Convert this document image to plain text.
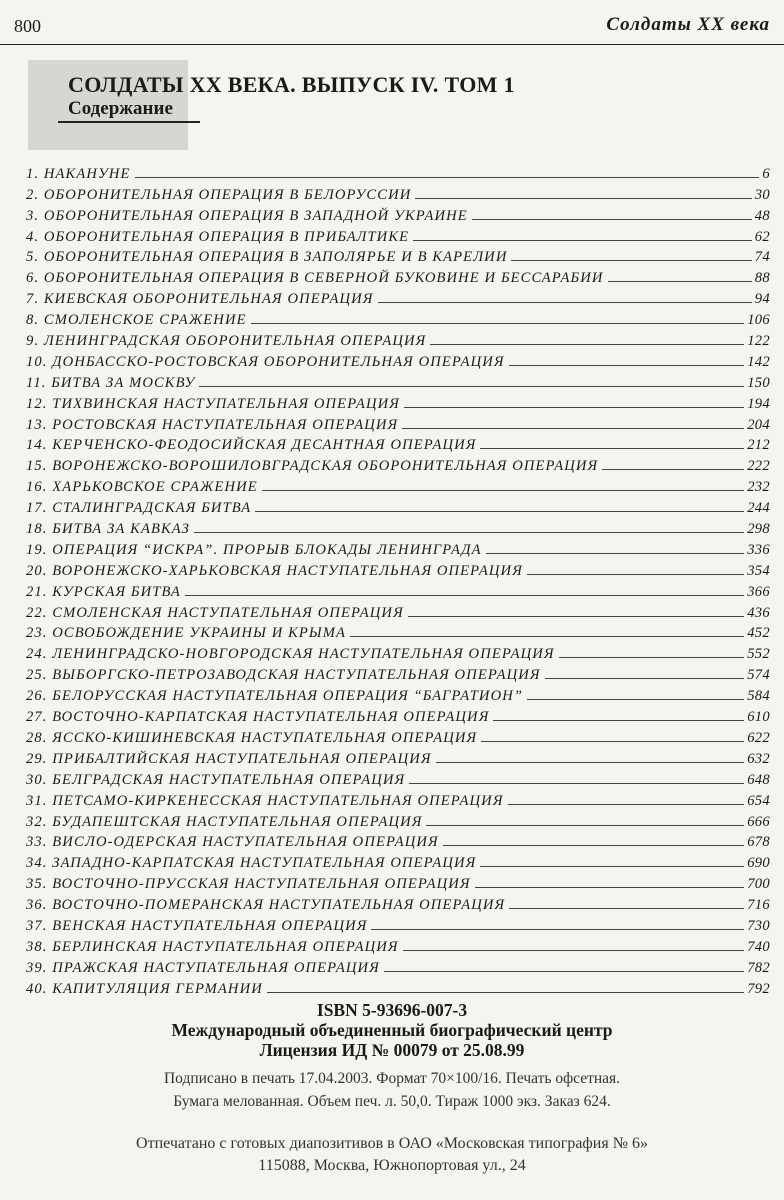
800	Солдаты XX века
СОЛДАТЫ XX ВЕКА. ВЫПУСК IV. ТОМ 1
Содержание
1. НАКАНУНЕ	6
2. ОБОРОНИТЕЛЬНАЯ ОПЕРАЦИЯ В БЕЛОРУССИИ	30
3. ОБОРОНИТЕЛЬНАЯ ОПЕРАЦИЯ В ЗАПАДНОЙ УКРАИНЕ	48
4. ОБОРОНИТЕЛЬНАЯ ОПЕРАЦИЯ В ПРИБАЛТИКЕ	62
5. ОБОРОНИТЕЛЬНАЯ ОПЕРАЦИЯ В ЗАПОЛЯРЬЕ И В КАРЕЛИИ	74
6. ОБОРОНИТЕЛЬНАЯ ОПЕРАЦИЯ В СЕВЕРНОЙ БУКОВИНЕ И БЕССАРАБИИ	88
7. КИЕВСКАЯ ОБОРОНИТЕЛЬНАЯ ОПЕРАЦИЯ	94
8. СМОЛЕНСКОЕ СРАЖЕНИЕ	106
9. ЛЕНИНГРАДСКАЯ ОБОРОНИТЕЛЬНАЯ ОПЕРАЦИЯ	122
10. ДОНБАССКО-РОСТОВСКАЯ ОБОРОНИТЕЛЬНАЯ ОПЕРАЦИЯ	142
11. БИТВА ЗА МОСКВУ	150
12. ТИХВИНСКАЯ НАСТУПАТЕЛЬНАЯ ОПЕРАЦИЯ	194
13. РОСТОВСКАЯ НАСТУПАТЕЛЬНАЯ ОПЕРАЦИЯ	204
14. КЕРЧЕНСКО-ФЕОДОСИЙСКАЯ ДЕСАНТНАЯ ОПЕРАЦИЯ	212
15. ВОРОНЕЖСКО-ВОРОШИЛОВГРАДСКАЯ ОБОРОНИТЕЛЬНАЯ ОПЕРАЦИЯ	222
16. ХАРЬКОВСКОЕ СРАЖЕНИЕ	232
17. СТАЛИНГРАДСКАЯ БИТВА	244
18. БИТВА ЗА КАВКАЗ	298
19. ОПЕРАЦИЯ “ИСКРА”. ПРОРЫВ БЛОКАДЫ ЛЕНИНГРАДА	336
20. ВОРОНЕЖСКО-ХАРЬКОВСКАЯ НАСТУПАТЕЛЬНАЯ ОПЕРАЦИЯ	354
21. КУРСКАЯ БИТВА	366
22. СМОЛЕНСКАЯ НАСТУПАТЕЛЬНАЯ ОПЕРАЦИЯ	436
23. ОСВОБОЖДЕНИЕ УКРАИНЫ И КРЫМА	452
24. ЛЕНИНГРАДСКО-НОВГОРОДСКАЯ НАСТУПАТЕЛЬНАЯ ОПЕРАЦИЯ	552
25. ВЫБОРГСКО-ПЕТРОЗАВОДСКАЯ НАСТУПАТЕЛЬНАЯ ОПЕРАЦИЯ	574
26. БЕЛОРУССКАЯ НАСТУПАТЕЛЬНАЯ ОПЕРАЦИЯ “БАГРАТИОН”	584
27. ВОСТОЧНО-КАРПАТСКАЯ НАСТУПАТЕЛЬНАЯ ОПЕРАЦИЯ	610
28. ЯССКО-КИШИНЕВСКАЯ НАСТУПАТЕЛЬНАЯ ОПЕРАЦИЯ	622
29. ПРИБАЛТИЙСКАЯ НАСТУПАТЕЛЬНАЯ ОПЕРАЦИЯ	632
30. БЕЛГРАДСКАЯ НАСТУПАТЕЛЬНАЯ ОПЕРАЦИЯ	648
31. ПЕТСАМО-КИРКЕНЕССКАЯ НАСТУПАТЕЛЬНАЯ ОПЕРАЦИЯ	654
32. БУДАПЕШТСКАЯ НАСТУПАТЕЛЬНАЯ ОПЕРАЦИЯ	666
33. ВИСЛО-ОДЕРСКАЯ НАСТУПАТЕЛЬНАЯ ОПЕРАЦИЯ	678
34. ЗАПАДНО-КАРПАТСКАЯ НАСТУПАТЕЛЬНАЯ ОПЕРАЦИЯ	690
35. ВОСТОЧНО-ПРУССКАЯ НАСТУПАТЕЛЬНАЯ ОПЕРАЦИЯ	700
36. ВОСТОЧНО-ПОМЕРАНСКАЯ НАСТУПАТЕЛЬНАЯ ОПЕРАЦИЯ	716
37. ВЕНСКАЯ НАСТУПАТЕЛЬНАЯ ОПЕРАЦИЯ	730
38. БЕРЛИНСКАЯ НАСТУПАТЕЛЬНАЯ ОПЕРАЦИЯ	740
39. ПРАЖСКАЯ НАСТУПАТЕЛЬНАЯ ОПЕРАЦИЯ	782
40. КАПИТУЛЯЦИЯ ГЕРМАНИИ	792
ISBN 5-93696-007-3
Международный объединенный биографический центр
Лицензия ИД № 00079 от 25.08.99
Подписано в печать 17.04.2003. Формат 70×100/16. Печать офсетная.
Бумага мелованная. Объем печ. л. 50,0. Тираж 1000 экз. Заказ 624.
Отпечатано с готовых диапозитивов в ОАО «Московская типография № 6»
115088, Москва, Южнопортовая ул., 24
